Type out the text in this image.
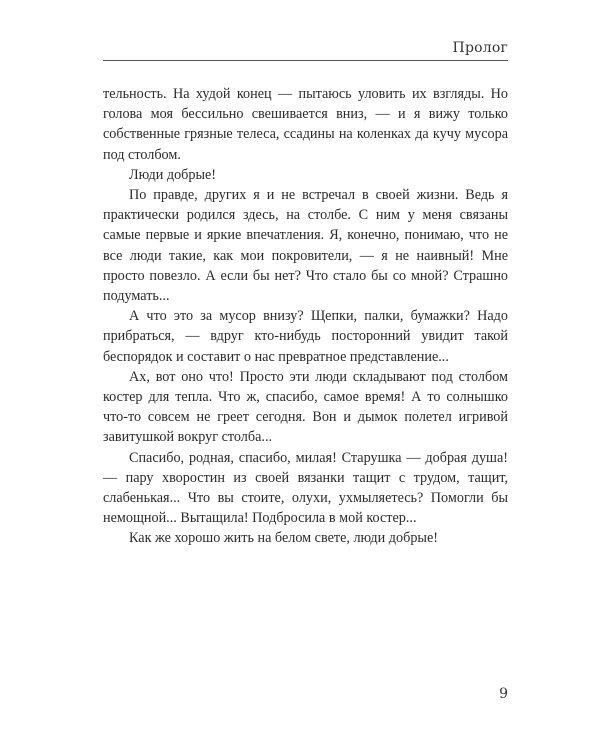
Пролог

тельность. На худой конец — пытаюсь уловить их взгляды. Но голова моя бессильно свешивается вниз, — и я вижу только собственные грязные телеса, ссадины на коленках да кучу мусора под столбом.

Люди добрые!

По правде, других я и не встречал в своей жизни. Ведь я практически родился здесь, на столбе. С ним у меня связаны самые первые и яркие впечатления. Я, конечно, понимаю, что не все люди такие, как мои покровители, — я не наивный! Мне просто повезло. А если бы нет? Что стало бы со мной? Страшно подумать...

А что это за мусор внизу? Щепки, палки, бумажки? Надо прибраться, — вдруг кто-нибудь посторонний увидит такой беспорядок и составит о нас превратное представление...

Ах, вот оно что! Просто эти люди складывают под столбом костер для тепла. Что ж, спасибо, самое время! А то солнышко что-то совсем не греет сегодня. Вон и дымок полетел игривой завитушкой вокруг столба...

Спасибо, родная, спасибо, милая! Старушка — добрая душа! — пару хворостин из своей вязанки тащит с трудом, тащит, слабенькая... Что вы стоите, олухи, ухмыляетесь? Помогли бы немощной... Вытащила! Подбросила в мой костер...

Как же хорошо жить на белом свете, люди добрые!

9
